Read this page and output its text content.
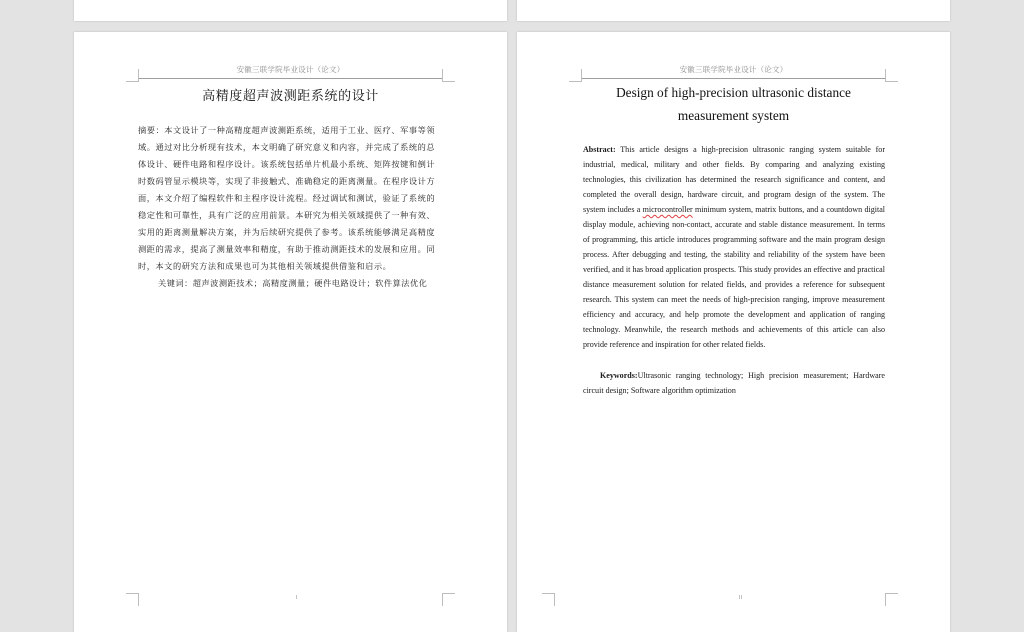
安徽三联学院毕业设计（论文）
高精度超声波测距系统的设计
摘要：本文设计了一种高精度超声波测距系统，适用于工业、医疗、军事等领
域。通过对比分析现有技术，本文明确了研究意义和内容，并完成了系统的总
体设计、硬件电路和程序设计。该系统包括单片机最小系统、矩阵按键和倒计
时数码管显示模块等，实现了非接触式、准确稳定的距离测量。在程序设计方
面，本文介绍了编程软件和主程序设计流程。经过调试和测试，验证了系统的
稳定性和可靠性，具有广泛的应用前景。本研究为相关领域提供了一种有效、
实用的距离测量解决方案，并为后续研究提供了参考。该系统能够满足高精度
测距的需求，提高了测量效率和精度，有助于推动测距技术的发展和应用。同
时，本文的研究方法和成果也可为其他相关领域提供借鉴和启示。
关键词：超声波测距技术；高精度测量；硬件电路设计；软件算法优化
I
安徽三联学院毕业设计（论文）
Design of high-precision ultrasonic distance
measurement system
Abstract: This article designs a high-precision ultrasonic ranging system suitable for industrial, medical, military and other fields. By comparing and analyzing existing technologies, this civilization has determined the research significance and content, and completed the overall design, hardware circuit, and program design of the system. The system includes a microcontroller minimum system, matrix buttons, and a countdown digital display module, achieving non-contact, accurate and stable distance measurement. In terms of programming, this article introduces programming software and the main program design process. After debugging and testing, the stability and reliability of the system have been verified, and it has broad application prospects. This study provides an effective and practical distance measurement solution for related fields, and provides a reference for subsequent research. This system can meet the needs of high-precision ranging, improve measurement efficiency and accuracy, and help promote the development and application of ranging technology. Meanwhile, the research methods and achievements of this article can also provide reference and inspiration for other related fields.
Keywords:Ultrasonic ranging technology; High precision measurement; Hardware circuit design; Software algorithm optimization
II
